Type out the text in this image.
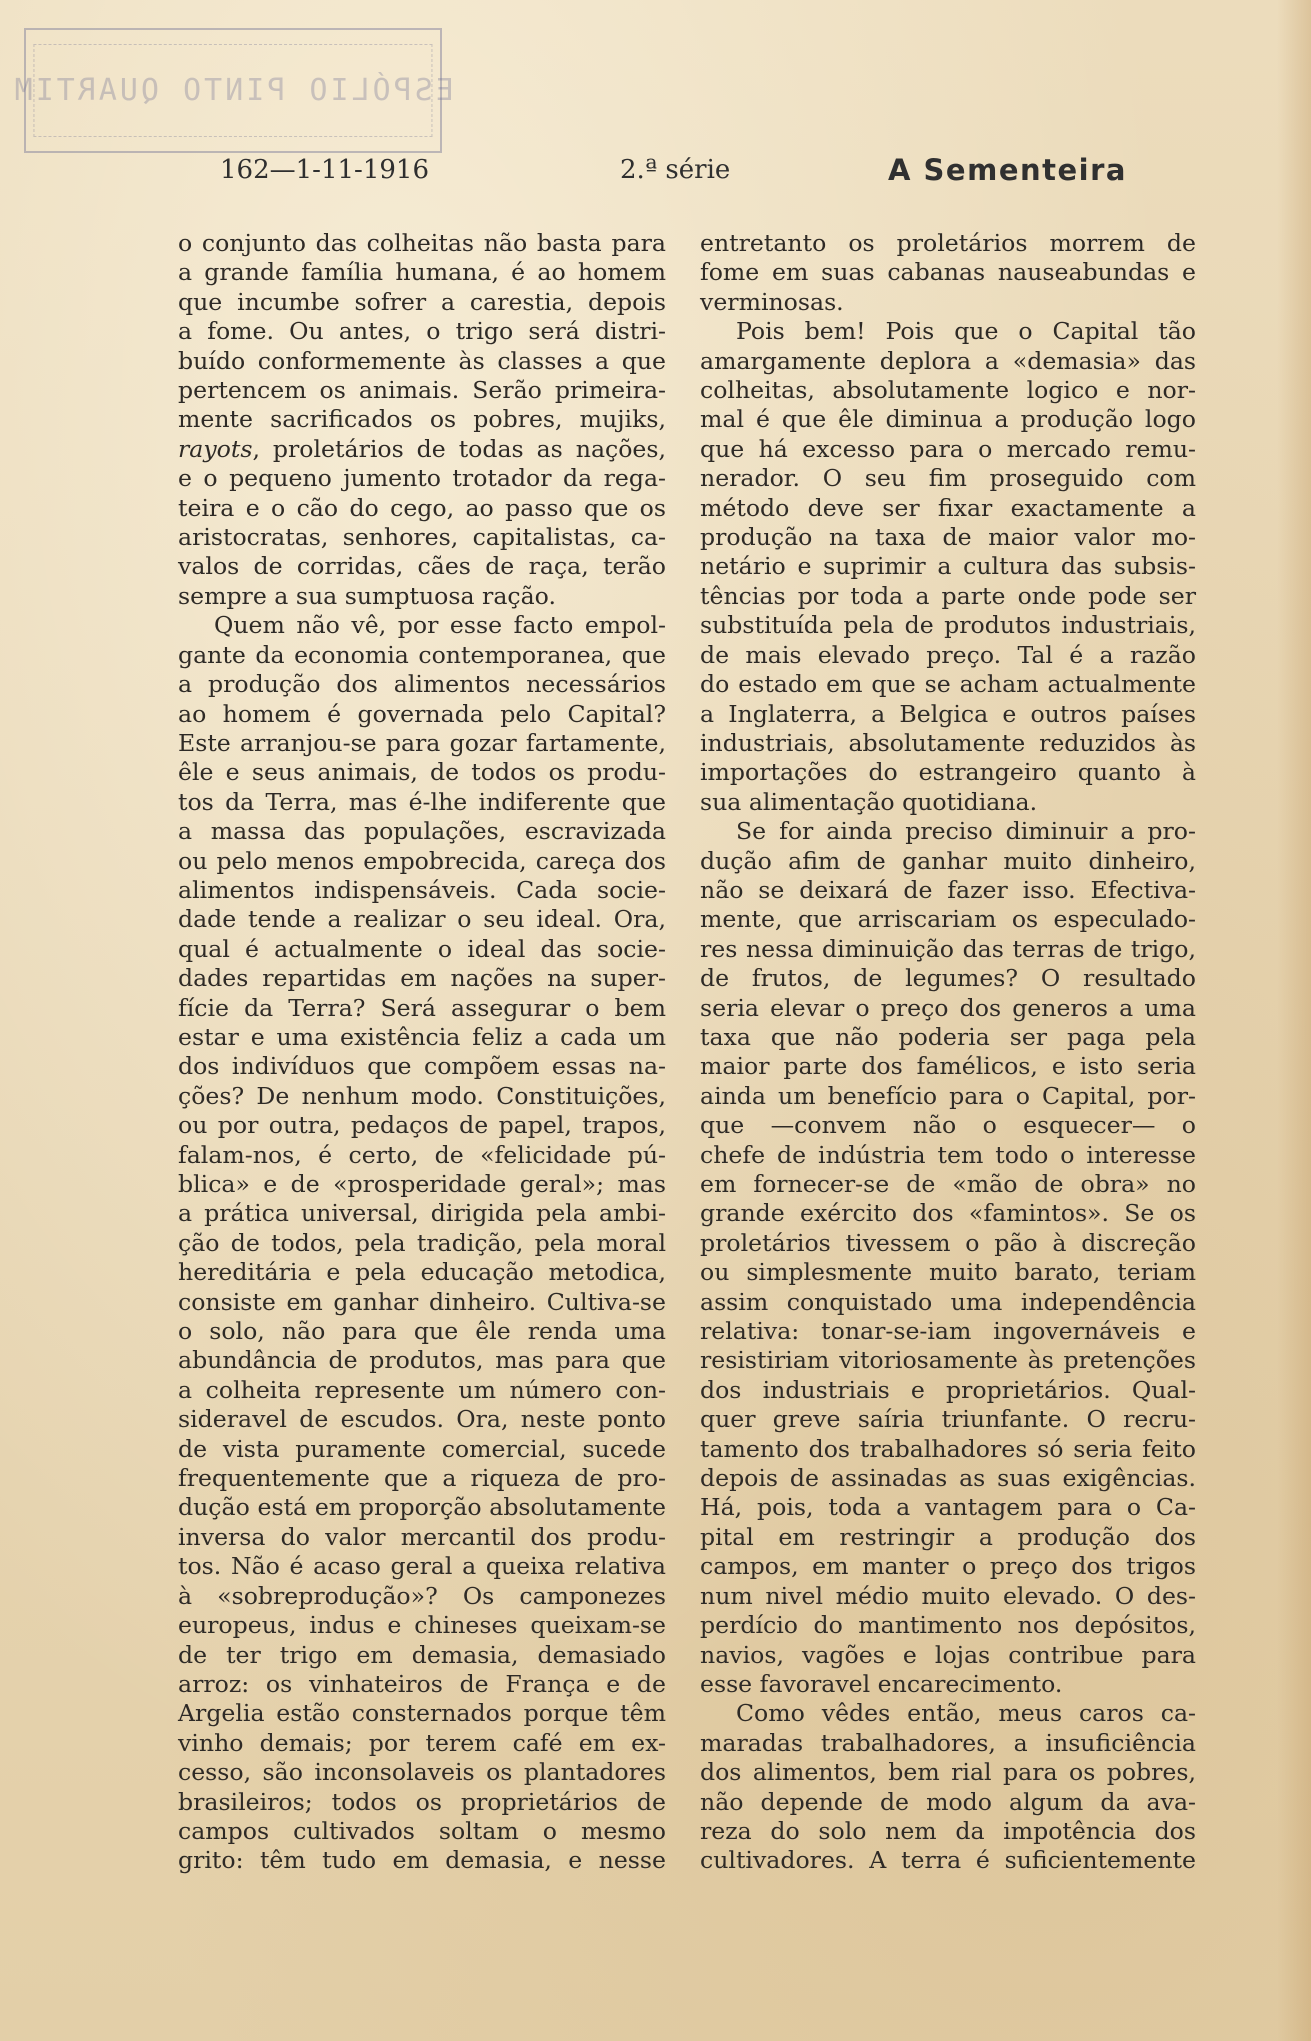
ESPÓLIO PINTO QUARTIM
162—1-11-1916	2.ª série	A Sementeira

o conjunto das colheitas não basta para

a grande família humana, é ao homem

que incumbe sofrer a carestia, depois

a fome. Ou antes, o trigo será distri-

buído conformemente às classes a que

pertencem os animais. Serão primeira-

mente sacrificados os pobres, mujiks,

rayots, proletários de todas as nações,

e o pequeno jumento trotador da rega-

teira e o cão do cego, ao passo que os

aristocratas, senhores, capitalistas, ca-

valos de corridas, cães de raça, terão

sempre a sua sumptuosa ração.

Quem não vê, por esse facto empol-

gante da economia contemporanea, que

a produção dos alimentos necessários

ao homem é governada pelo Capital?

Este arranjou-se para gozar fartamente,

êle e seus animais, de todos os produ-

tos da Terra, mas é-lhe indiferente que

a massa das populações, escravizada

ou pelo menos empobrecida, careça dos

alimentos indispensáveis. Cada socie-

dade tende a realizar o seu ideal. Ora,

qual é actualmente o ideal das socie-

dades repartidas em nações na super-

fície da Terra? Será assegurar o bem

estar e uma existência feliz a cada um

dos indivíduos que compõem essas na-

ções? De nenhum modo. Constituições,

ou por outra, pedaços de papel, trapos,

falam-nos, é certo, de «felicidade pú-

blica» e de «prosperidade geral»; mas

a prática universal, dirigida pela ambi-

ção de todos, pela tradição, pela moral

hereditária e pela educação metodica,

consiste em ganhar dinheiro. Cultiva-se

o solo, não para que êle renda uma

abundância de produtos, mas para que

a colheita represente um número con-

sideravel de escudos. Ora, neste ponto

de vista puramente comercial, sucede

frequentemente que a riqueza de pro-

dução está em proporção absolutamente

inversa do valor mercantil dos produ-

tos. Não é acaso geral a queixa relativa

à «sobreprodução»? Os camponezes

europeus, indus e chineses queixam-se

de ter trigo em demasia, demasiado

arroz: os vinhateiros de França e de

Argelia estão consternados porque têm

vinho demais; por terem café em ex-

cesso, são inconsolaveis os plantadores

brasileiros; todos os proprietários de

campos cultivados soltam o mesmo

grito: têm tudo em demasia, e nesse

entretanto os proletários morrem de

fome em suas cabanas nauseabundas e

verminosas.

Pois bem! Pois que o Capital tão

amargamente deplora a «demasia» das

colheitas, absolutamente logico e nor-

mal é que êle diminua a produção logo

que há excesso para o mercado remu-

nerador. O seu fim proseguido com

método deve ser fixar exactamente a

produção na taxa de maior valor mo-

netário e suprimir a cultura das subsis-

tências por toda a parte onde pode ser

substituída pela de produtos industriais,

de mais elevado preço. Tal é a razão

do estado em que se acham actualmente

a Inglaterra, a Belgica e outros países

industriais, absolutamente reduzidos às

importações do estrangeiro quanto à

sua alimentação quotidiana.

Se for ainda preciso diminuir a pro-

dução afim de ganhar muito dinheiro,

não se deixará de fazer isso. Efectiva-

mente, que arriscariam os especulado-

res nessa diminuição das terras de trigo,

de frutos, de legumes? O resultado

seria elevar o preço dos generos a uma

taxa que não poderia ser paga pela

maior parte dos famélicos, e isto seria

ainda um benefício para o Capital, por-

que —convem não o esquecer— o

chefe de indústria tem todo o interesse

em fornecer-se de «mão de obra» no

grande exército dos «famintos». Se os

proletários tivessem o pão à discreção

ou simplesmente muito barato, teriam

assim conquistado uma independência

relativa: tonar-se-iam ingovernáveis e

resistiriam vitoriosamente às pretenções

dos industriais e proprietários. Qual-

quer greve saíria triunfante. O recru-

tamento dos trabalhadores só seria feito

depois de assinadas as suas exigências.

Há, pois, toda a vantagem para o Ca-

pital em restringir a produção dos

campos, em manter o preço dos trigos

num nivel médio muito elevado. O des-

perdício do mantimento nos depósitos,

navios, vagões e lojas contribue para

esse favoravel encarecimento.

Como vêdes então, meus caros ca-

maradas trabalhadores, a insuficiência

dos alimentos, bem rial para os pobres,

não depende de modo algum da ava-

reza do solo nem da impotência dos

cultivadores. A terra é suficientemente
